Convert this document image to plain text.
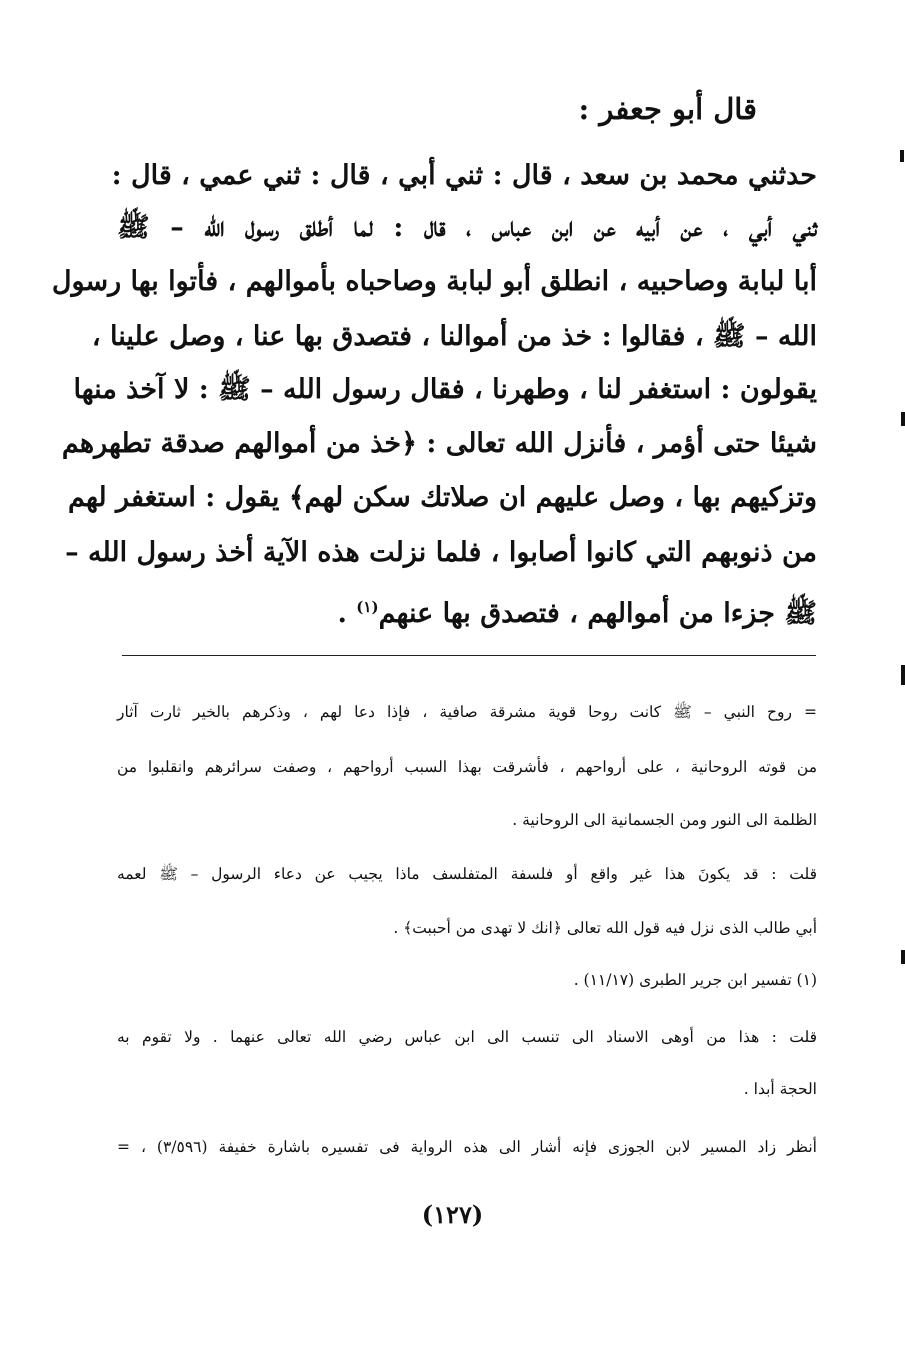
قال أبو جعفر :
حدثني محمد بن سعد ، قال : ثني أبي ، قال : ثني عمي ، قال :
ثني أبي ، عن أبيه عن ابن عباس ، قال : لما أطلق رسول الله – ﷺ
أبا لبابة وصاحبيه ، انطلق أبو لبابة وصاحباه بأموالهم ، فأتوا بها رسول
الله – ﷺ ، فقالوا : خذ من أموالنا ، فتصدق بها عنا ، وصل علينا ،
يقولون : استغفر لنا ، وطهرنا ، فقال رسول الله – ﷺ : لا آخذ منها
شيئا حتى أؤمر ، فأنزل الله تعالى : ﴿خذ من أموالهم صدقة تطهرهم
وتزكيهم بها ، وصل عليهم ان صلاتك سكن لهم﴾ يقول : استغفر لهم
من ذنوبهم التي كانوا أصابوا ، فلما نزلت هذه الآية أخذ رسول الله –
ﷺ جزءا من أموالهم ، فتصدق بها عنهم$^{(١)}$ .
= روح النبي – ﷺ كانت روحا قوية مشرقة صافية ، فإذا دعا لهم ، وذكرهم بالخير ثارت آثار
من قوته الروحانية ، على أرواحهم ، فأشرقت بهذا السبب أرواحهم ، وصفت سرائرهم وانقلبوا من
الظلمة الى النور ومن الجسمانية الى الروحانية .
قلت : قد يكونَ هذا غير واقع أو فلسفة المتفلسف ماذا يجيب عن دعاء الرسول – ﷺ لعمه
أبي طالب الذى نزل فيه قول الله تعالى ﴿انك لا تهدى من أحببت﴾ .
(١) تفسير ابن جرير الطبرى (١١/١٧) .
قلت : هذا من أوهى الاسناد الى تنسب الى ابن عباس رضي الله تعالى عنهما . ولا تقوم به
الحجة أبدا .
أنظر زاد المسير لابن الجوزى فإنه أشار الى هذه الرواية فى تفسيره باشارة خفيفة (٣/٥٩٦) ، =
(١٢٧)
